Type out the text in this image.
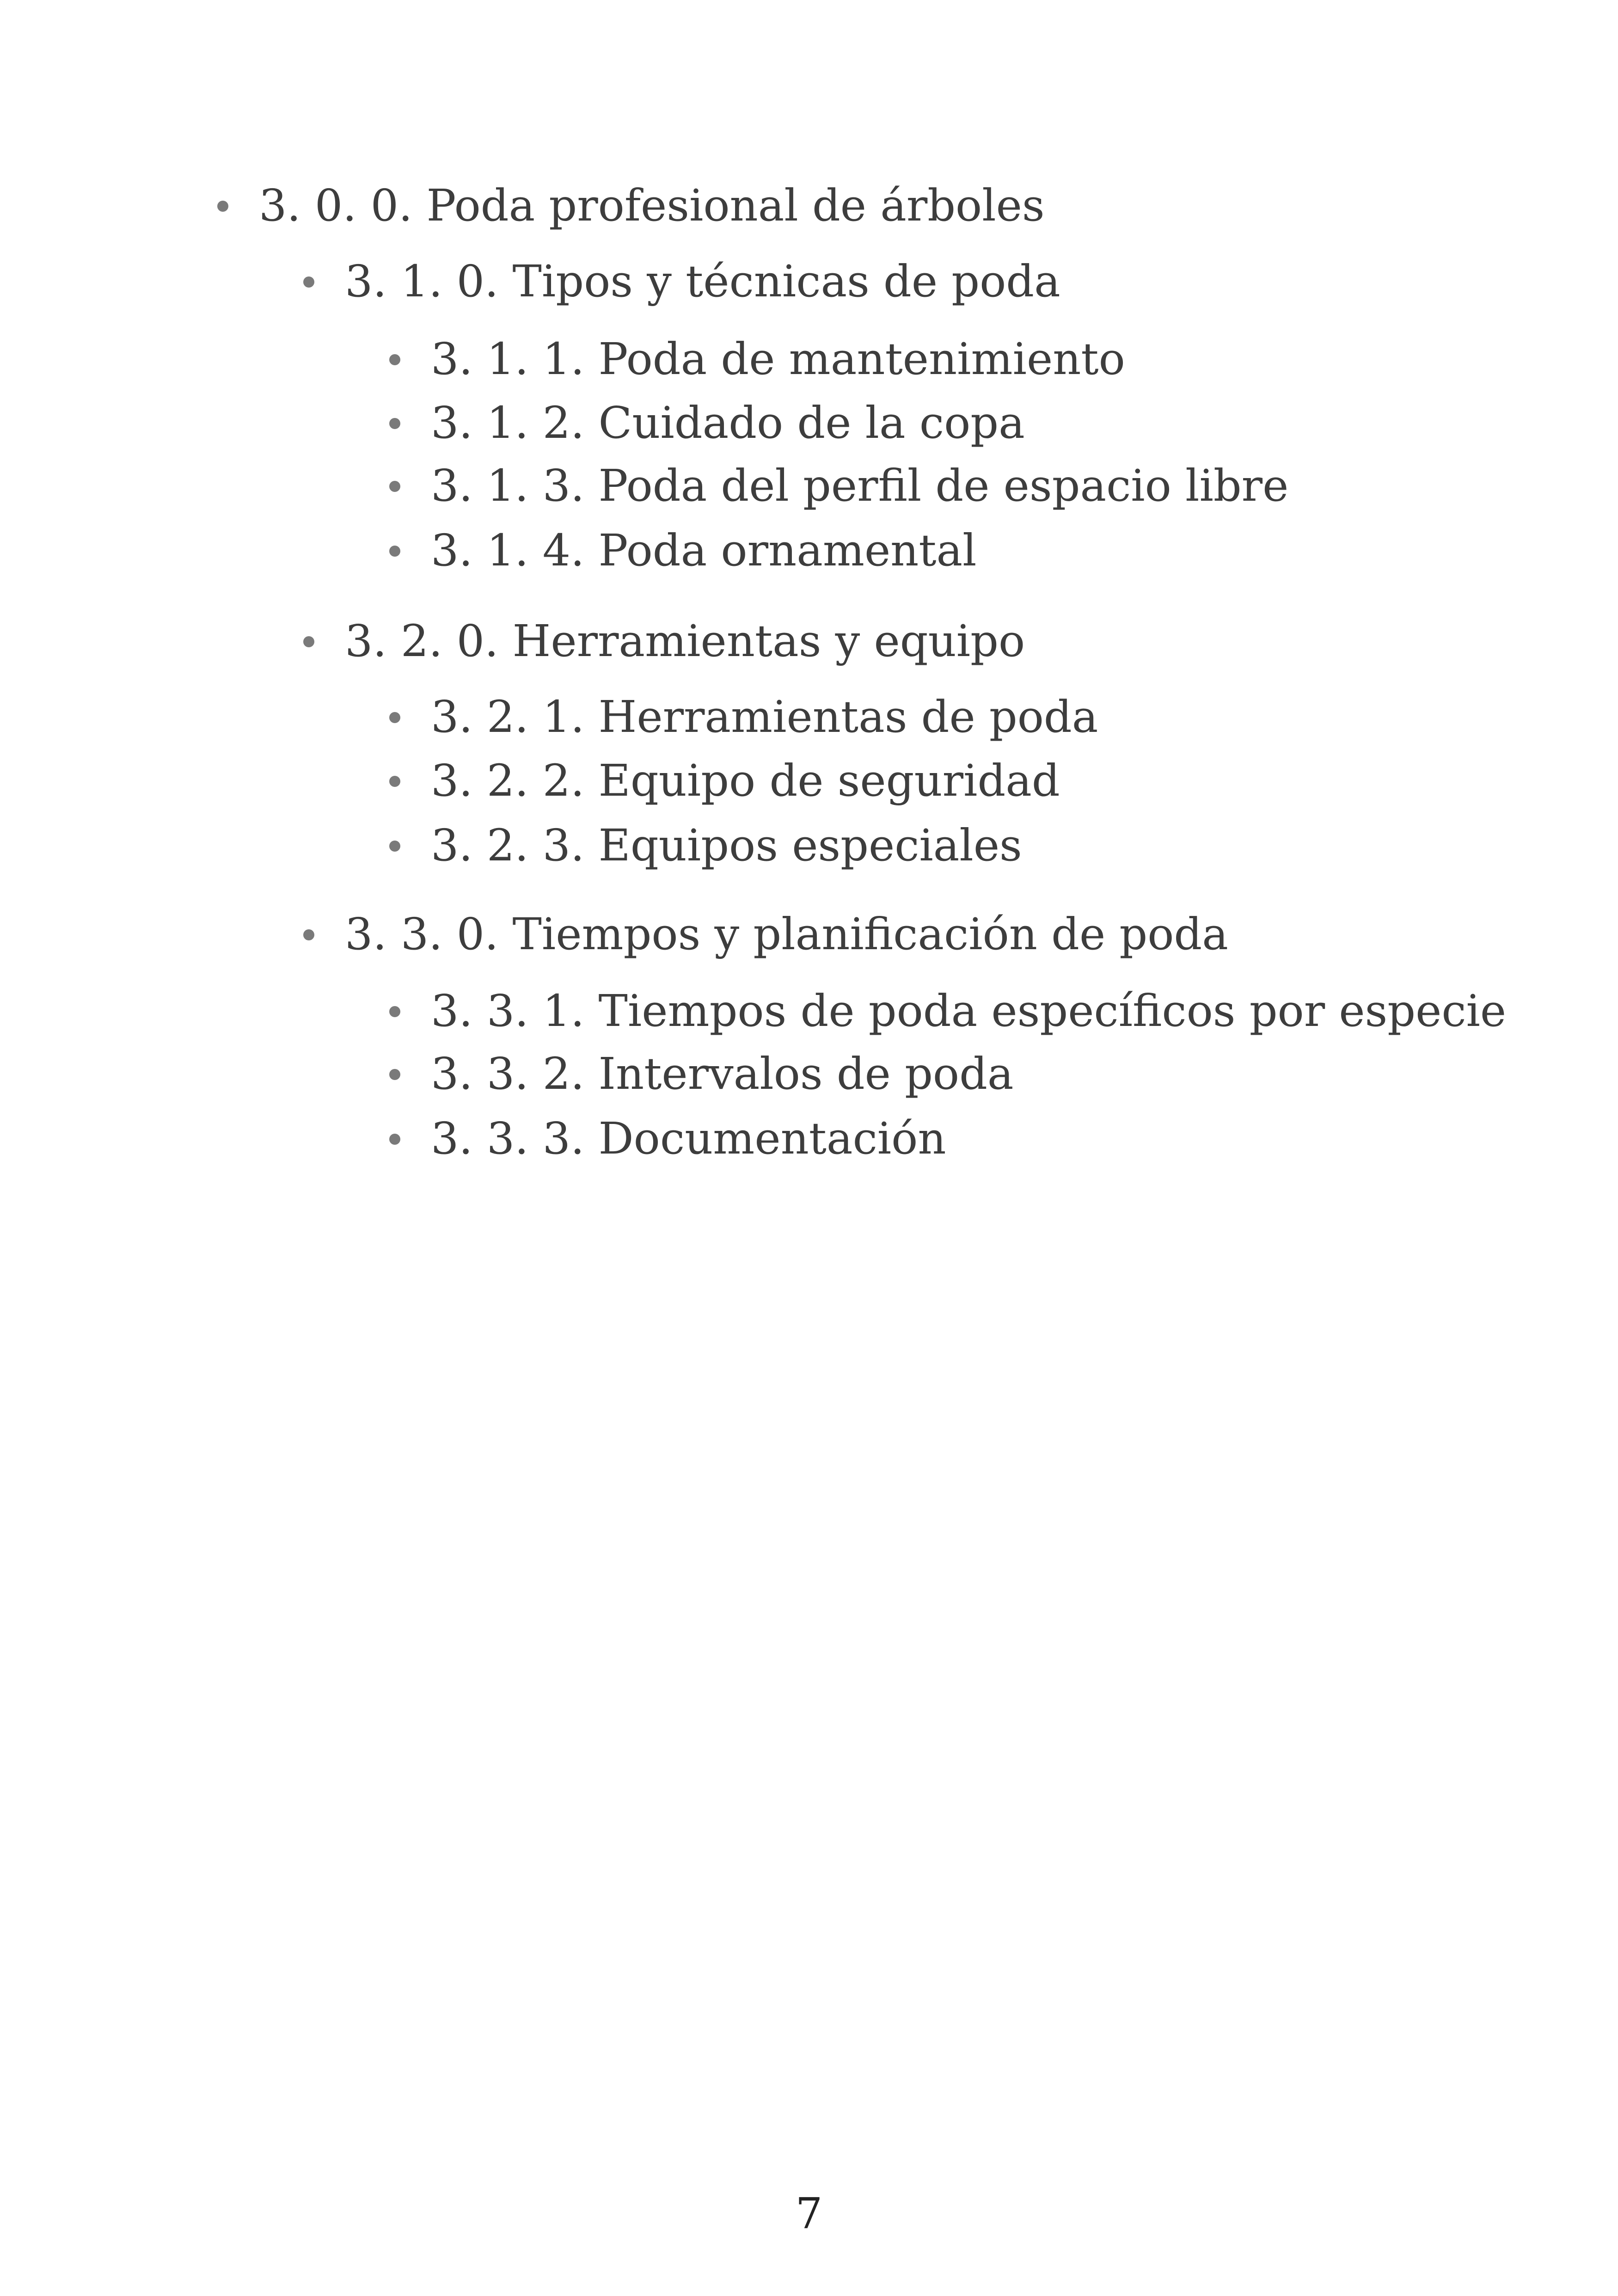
3. 0. 0. Poda profesional de árboles
3. 1. 0. Tipos y técnicas de poda
3. 1. 1. Poda de mantenimiento
3. 1. 2. Cuidado de la copa
3. 1. 3. Poda del perfil de espacio libre
3. 1. 4. Poda ornamental
3. 2. 0. Herramientas y equipo
3. 2. 1. Herramientas de poda
3. 2. 2. Equipo de seguridad
3. 2. 3. Equipos especiales
3. 3. 0. Tiempos y planificación de poda
3. 3. 1. Tiempos de poda específicos por especie
3. 3. 2. Intervalos de poda
3. 3. 3. Documentación
7
